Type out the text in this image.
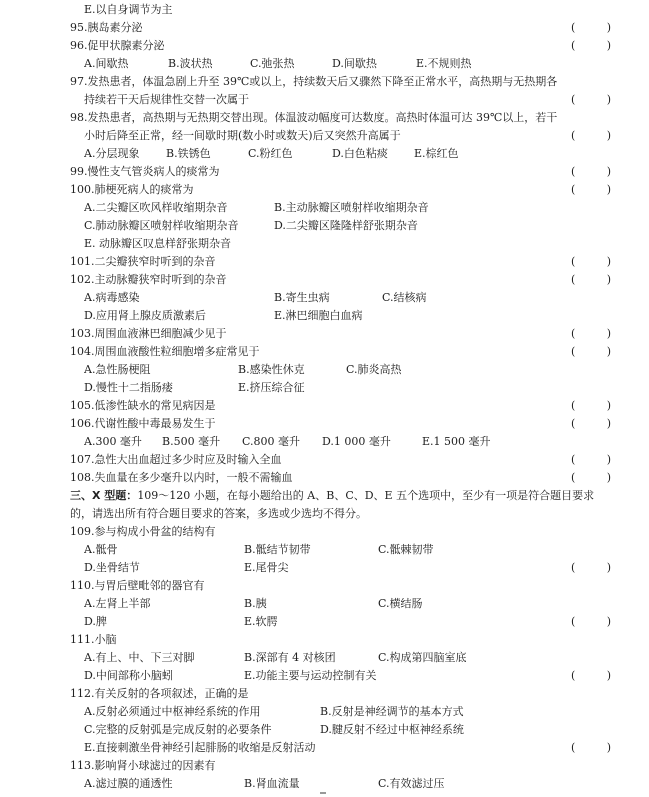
E.以自身调节为主
95.胰岛素分泌
(   )
96.促甲状腺素分泌
(   )
A.间歇热	B.波状热	C.弛张热	D.间歇热	E.不规则热
97.发热患者，体温急剧上升至 39℃或以上，持续数天后又骤然下降至正常水平，高热期与无热期各
持续若干天后规律性交替一次属于
(   )
98.发热患者，高热期与无热期交替出现。体温波动幅度可达数度。高热时体温可达 39℃以上，若干
小时后降至正常，经一间歇时期(数小时或数天)后又突然升高属于
(   )
A.分层现象 B.铁锈色	C.粉红色	D.白色粘痰 E.棕红色
99.慢性支气管炎病人的痰常为
(   )
100.肺梗死病人的痰常为
(   )
A.二尖瓣区吹风样收缩期杂音	B.主动脉瓣区喷射样收缩期杂音
C.肺动脉瓣区喷射样收缩期杂音	D.二尖瓣区隆隆样舒张期杂音
E. 动脉瓣区叹息样舒张期杂音
101.二尖瓣狭窄时听到的杂音
(   )
102.主动脉瓣狭窄时听到的杂音
(   )
A.病毒感染	B.寄生虫病	C.结核病
D.应用肾上腺皮质激素后	E.淋巴细胞白血病
103.周围血液淋巴细胞减少见于
(   )
104.周围血液酸性粒细胞增多症常见于
(   )
A.急性肠梗阻	B.感染性休克	C.肺炎高热
D.慢性十二指肠瘘	E.挤压综合征
105.低渗性缺水的常见病因是
(   )
106.代谢性酸中毒最易发生于
(   )
A.300 毫升 B.500 毫升 C.800 毫升 D.1 000 毫升	E.1 500 毫升
107.急性大出血超过多少时应及时输入全血
(   )
108.失血量在多少毫升以内时，一般不需输血
(   )
三、X 型题：109～120 小题，在每小题给出的 A、B、C、D、E 五个选项中，至少有一项是符合题目要求
的，请选出所有符合题目要求的答案，多选或少选均不得分。
109.参与构成小骨盆的结构有
A.骶骨	B.骶结节韧带	C.骶棘韧带
D.坐骨结节	E.尾骨尖
(   )
110.与胃后壁毗邻的器官有
A.左肾上半部	B.胰	C.横结肠
D.脾	E.软腭
(   )
111.小脑
A.有上、中、下三对脚	B.深部有 4 对核团	C.构成第四脑室底
D.中间部称小脑蚓	E.功能主要与运动控制有关
(   )
112.有关反射的各项叙述，正确的是
A.反射必须通过中枢神经系统的作用	B.反射是神经调节的基本方式
C.完整的反射弧是完成反射的必要条件	D.腱反射不经过中枢神经系统
E.直接刺激坐骨神经引起腓肠的收缩是反射活动
(   )
113.影响肾小球滤过的因素有
A.滤过膜的通透性	B.肾血流量	C.有效滤过压
